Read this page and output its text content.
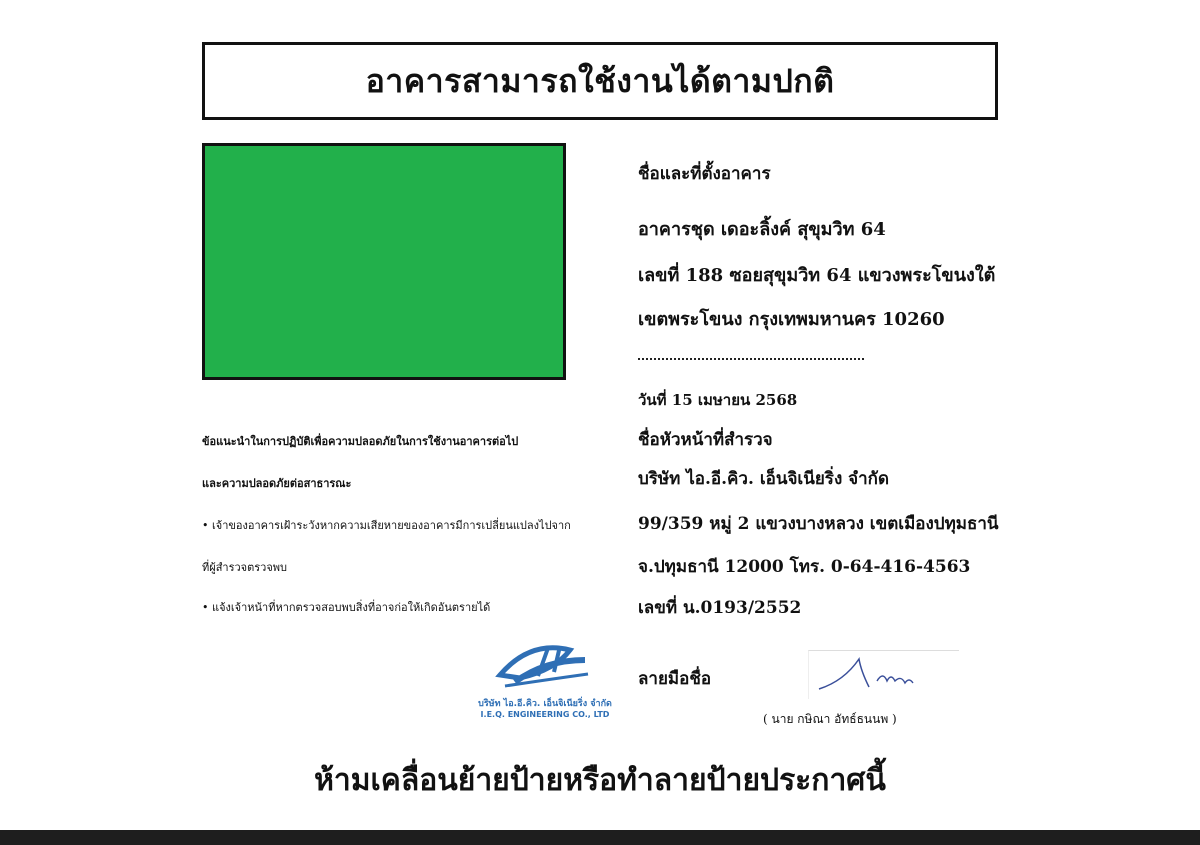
อาคารสามารถใช้งานได้ตามปกติ
ชื่อและที่ตั้งอาคาร
อาคารชุด เดอะลิ้งค์ สุขุมวิท 64
เลขที่ 188 ซอยสุขุมวิท 64 แขวงพระโขนงใต้
เขตพระโขนง กรุงเทพมหานคร 10260
วันที่ 15 เมษายน 2568
ชื่อหัวหน้าที่สำรวจ
บริษัท ไอ.อี.คิว. เอ็นจิเนียริ่ง จำกัด
99/359 หมู่ 2 แขวงบางหลวง เขตเมืองปทุมธานี
จ.ปทุมธานี 12000 โทร. 0-64-416-4563
เลขที่ น.0193/2552
ข้อแนะนำในการปฏิบัติเพื่อความปลอดภัยในการใช้งานอาคารต่อไป
และความปลอดภัยต่อสาธารณะ
• เจ้าของอาคารเฝ้าระวังหากความเสียหายของอาคารมีการเปลี่ยนแปลงไปจาก
ที่ผู้สำรวจตรวจพบ
• แจ้งเจ้าหน้าที่หากตรวจสอบพบสิ่งที่อาจก่อให้เกิดอันตรายได้
บริษัท ไอ.อี.คิว. เอ็นจิเนียริ่ง จำกัด
I.E.Q. ENGINEERING CO., LTD
ลายมือชื่อ
( นาย กษิณา อัทธ์ธนนพ )
ห้ามเคลื่อนย้ายป้ายหรือทำลายป้ายประกาศนี้
